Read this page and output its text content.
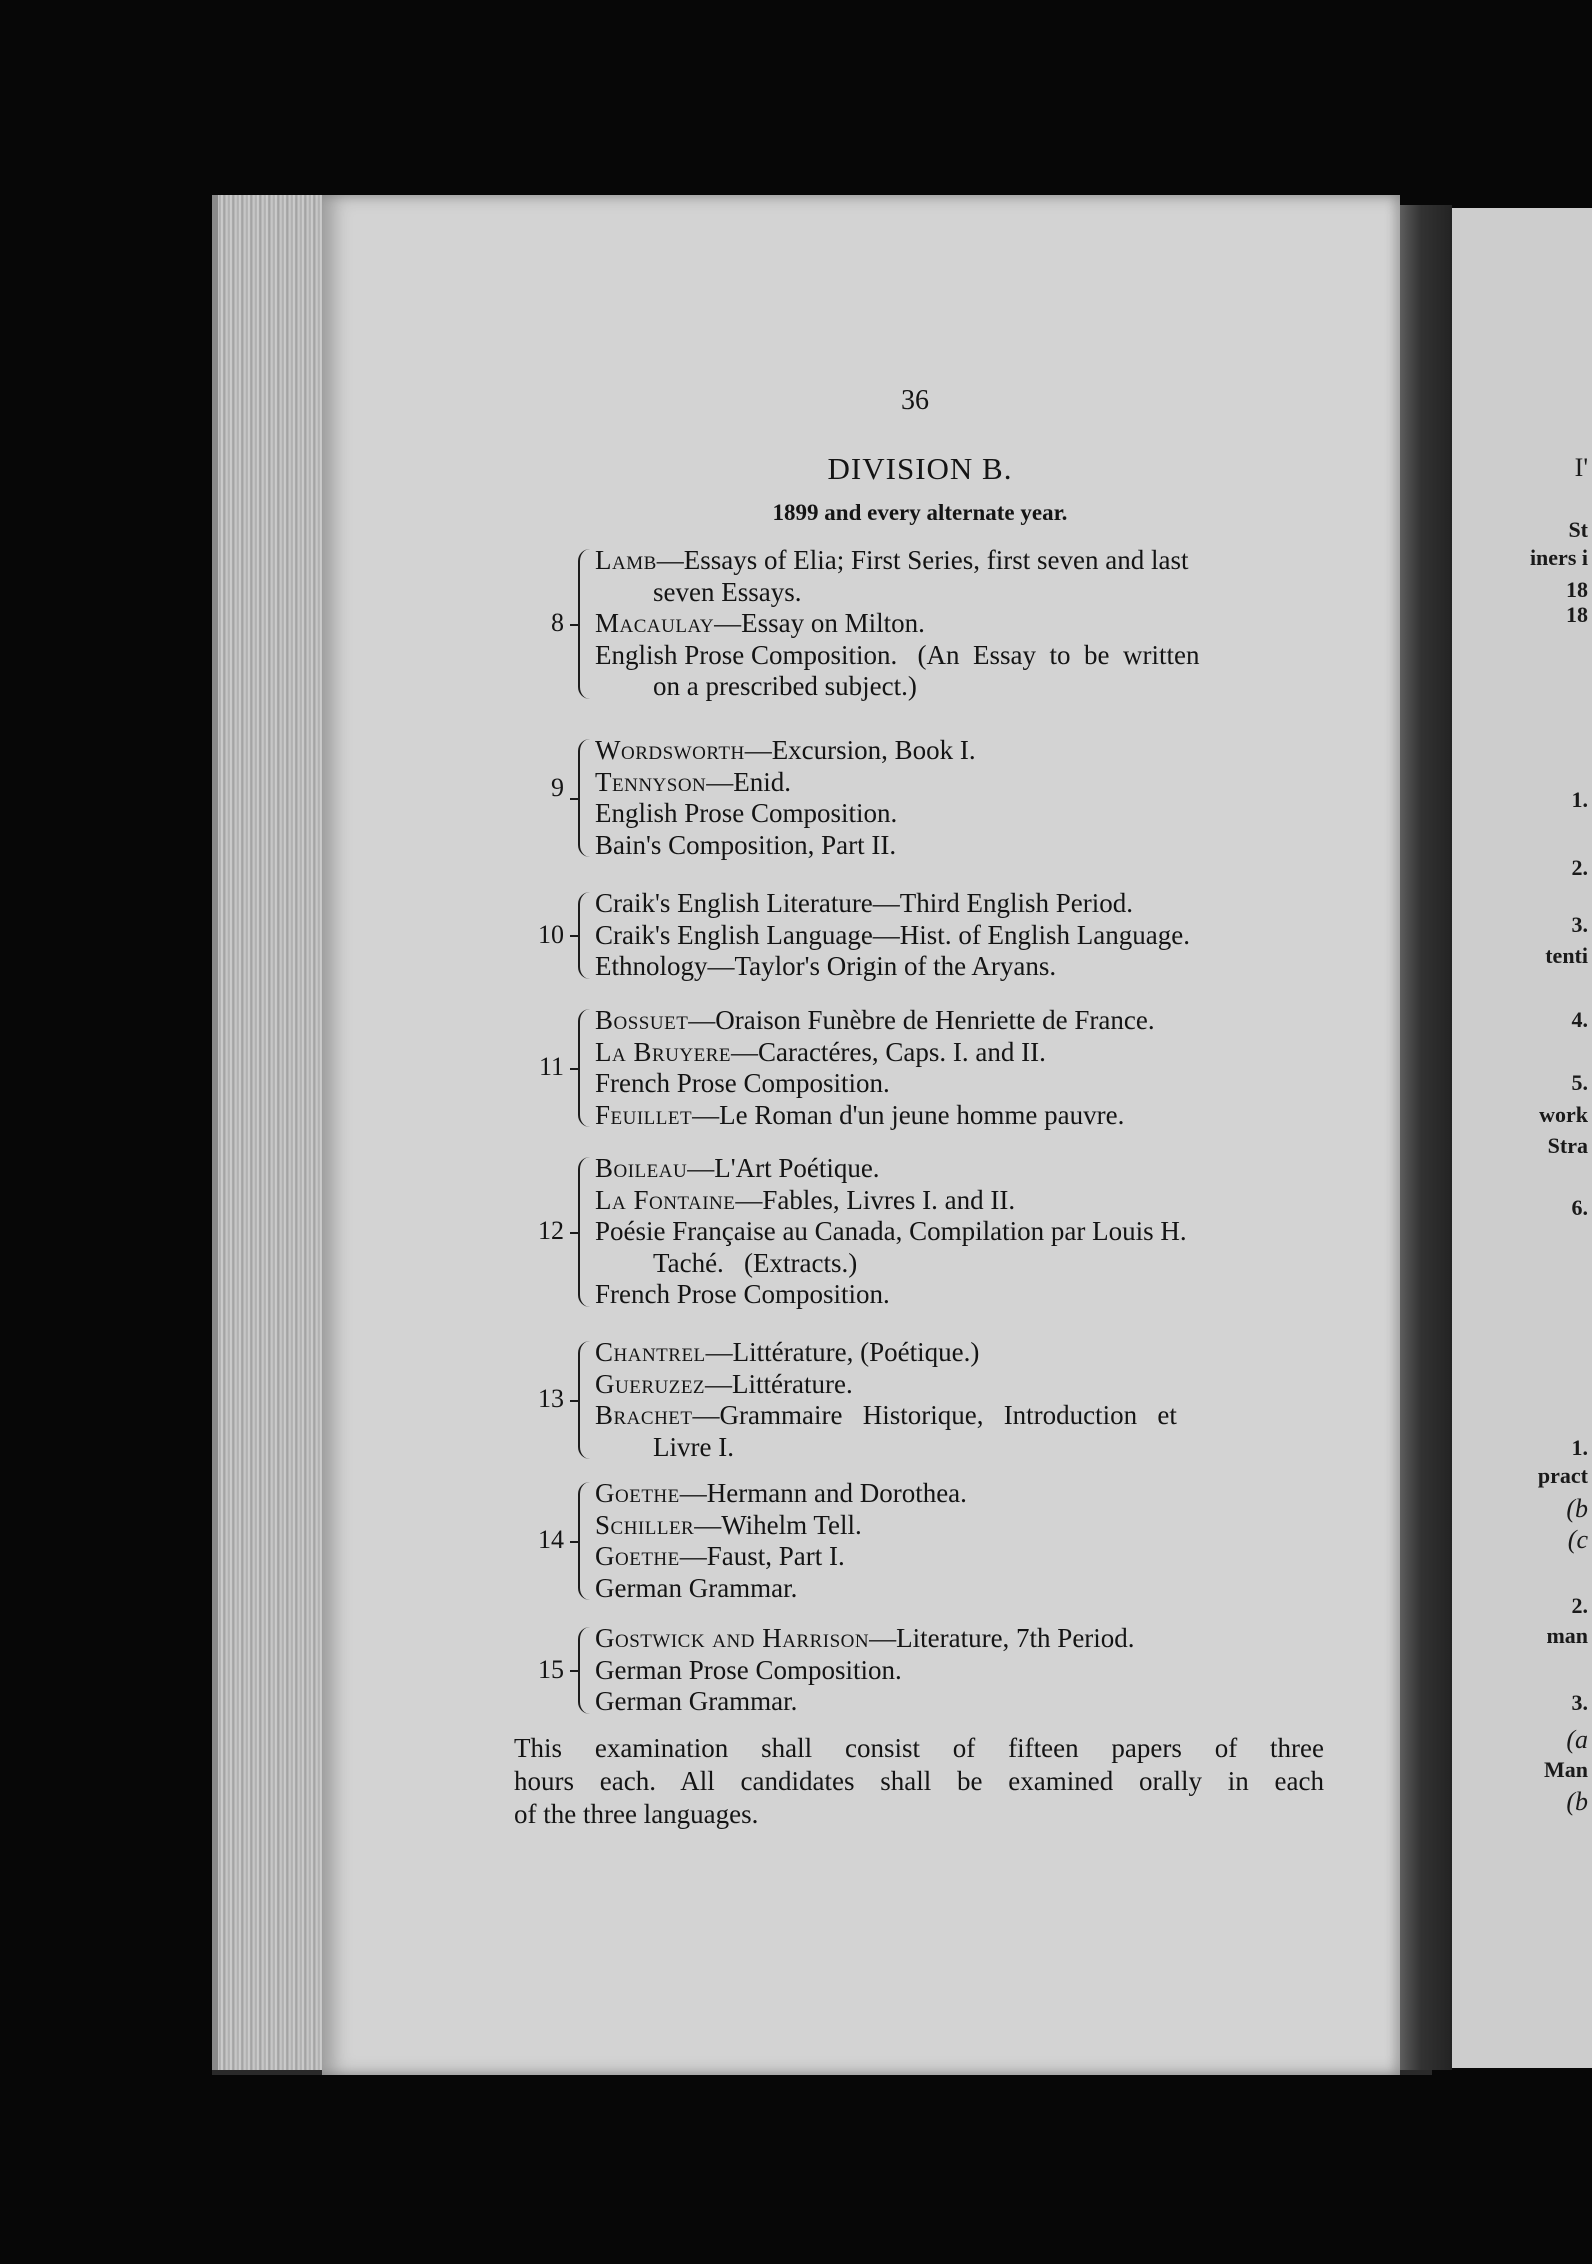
I'
St
iners i
18
18
1.
2.
3.
tenti
4.
5.
work
Stra
6.
1.
pract
(b
(c
2.
man
3.
(a
Man
(b
36
DIVISION B.
1899 and every alternate year.
8
Lamb—Essays of Elia; First Series, first seven and last
seven Essays.
Macaulay—Essay on Milton.
English Prose Composition.   (An  Essay  to  be  written
on a prescribed subject.)
9
Wordsworth—Excursion, Book I.
Tennyson—Enid.
English Prose Composition.
Bain's Composition, Part II.
10
Craik's English Literature—Third English Period.
Craik's English Language—Hist. of English Language.
Ethnology—Taylor's Origin of the Aryans.
11
Bossuet—Oraison Funèbre de Henriette de France.
La Bruyere—Caractéres, Caps. I. and II.
French Prose Composition.
Feuillet—Le Roman d'un jeune homme pauvre.
12
Boileau—L'Art Poétique.
La Fontaine—Fables, Livres I. and II.
Poésie Française au Canada, Compilation par Louis H.
Taché.   (Extracts.)
French Prose Composition.
13
Chantrel—Littérature, (Poétique.)
Gueruzez—Littérature.
Brachet—Grammaire   Historique,   Introduction   et
Livre I.
14
Goethe—Hermann and Dorothea.
Schiller—Wihelm Tell.
Goethe—Faust, Part I.
German Grammar.
15
Gostwick and Harrison—Literature, 7th Period.
German Prose Composition.
German Grammar.
This examination shall consist of fifteen papers of three
hours each. All candidates shall be examined orally in each
of the three languages.
